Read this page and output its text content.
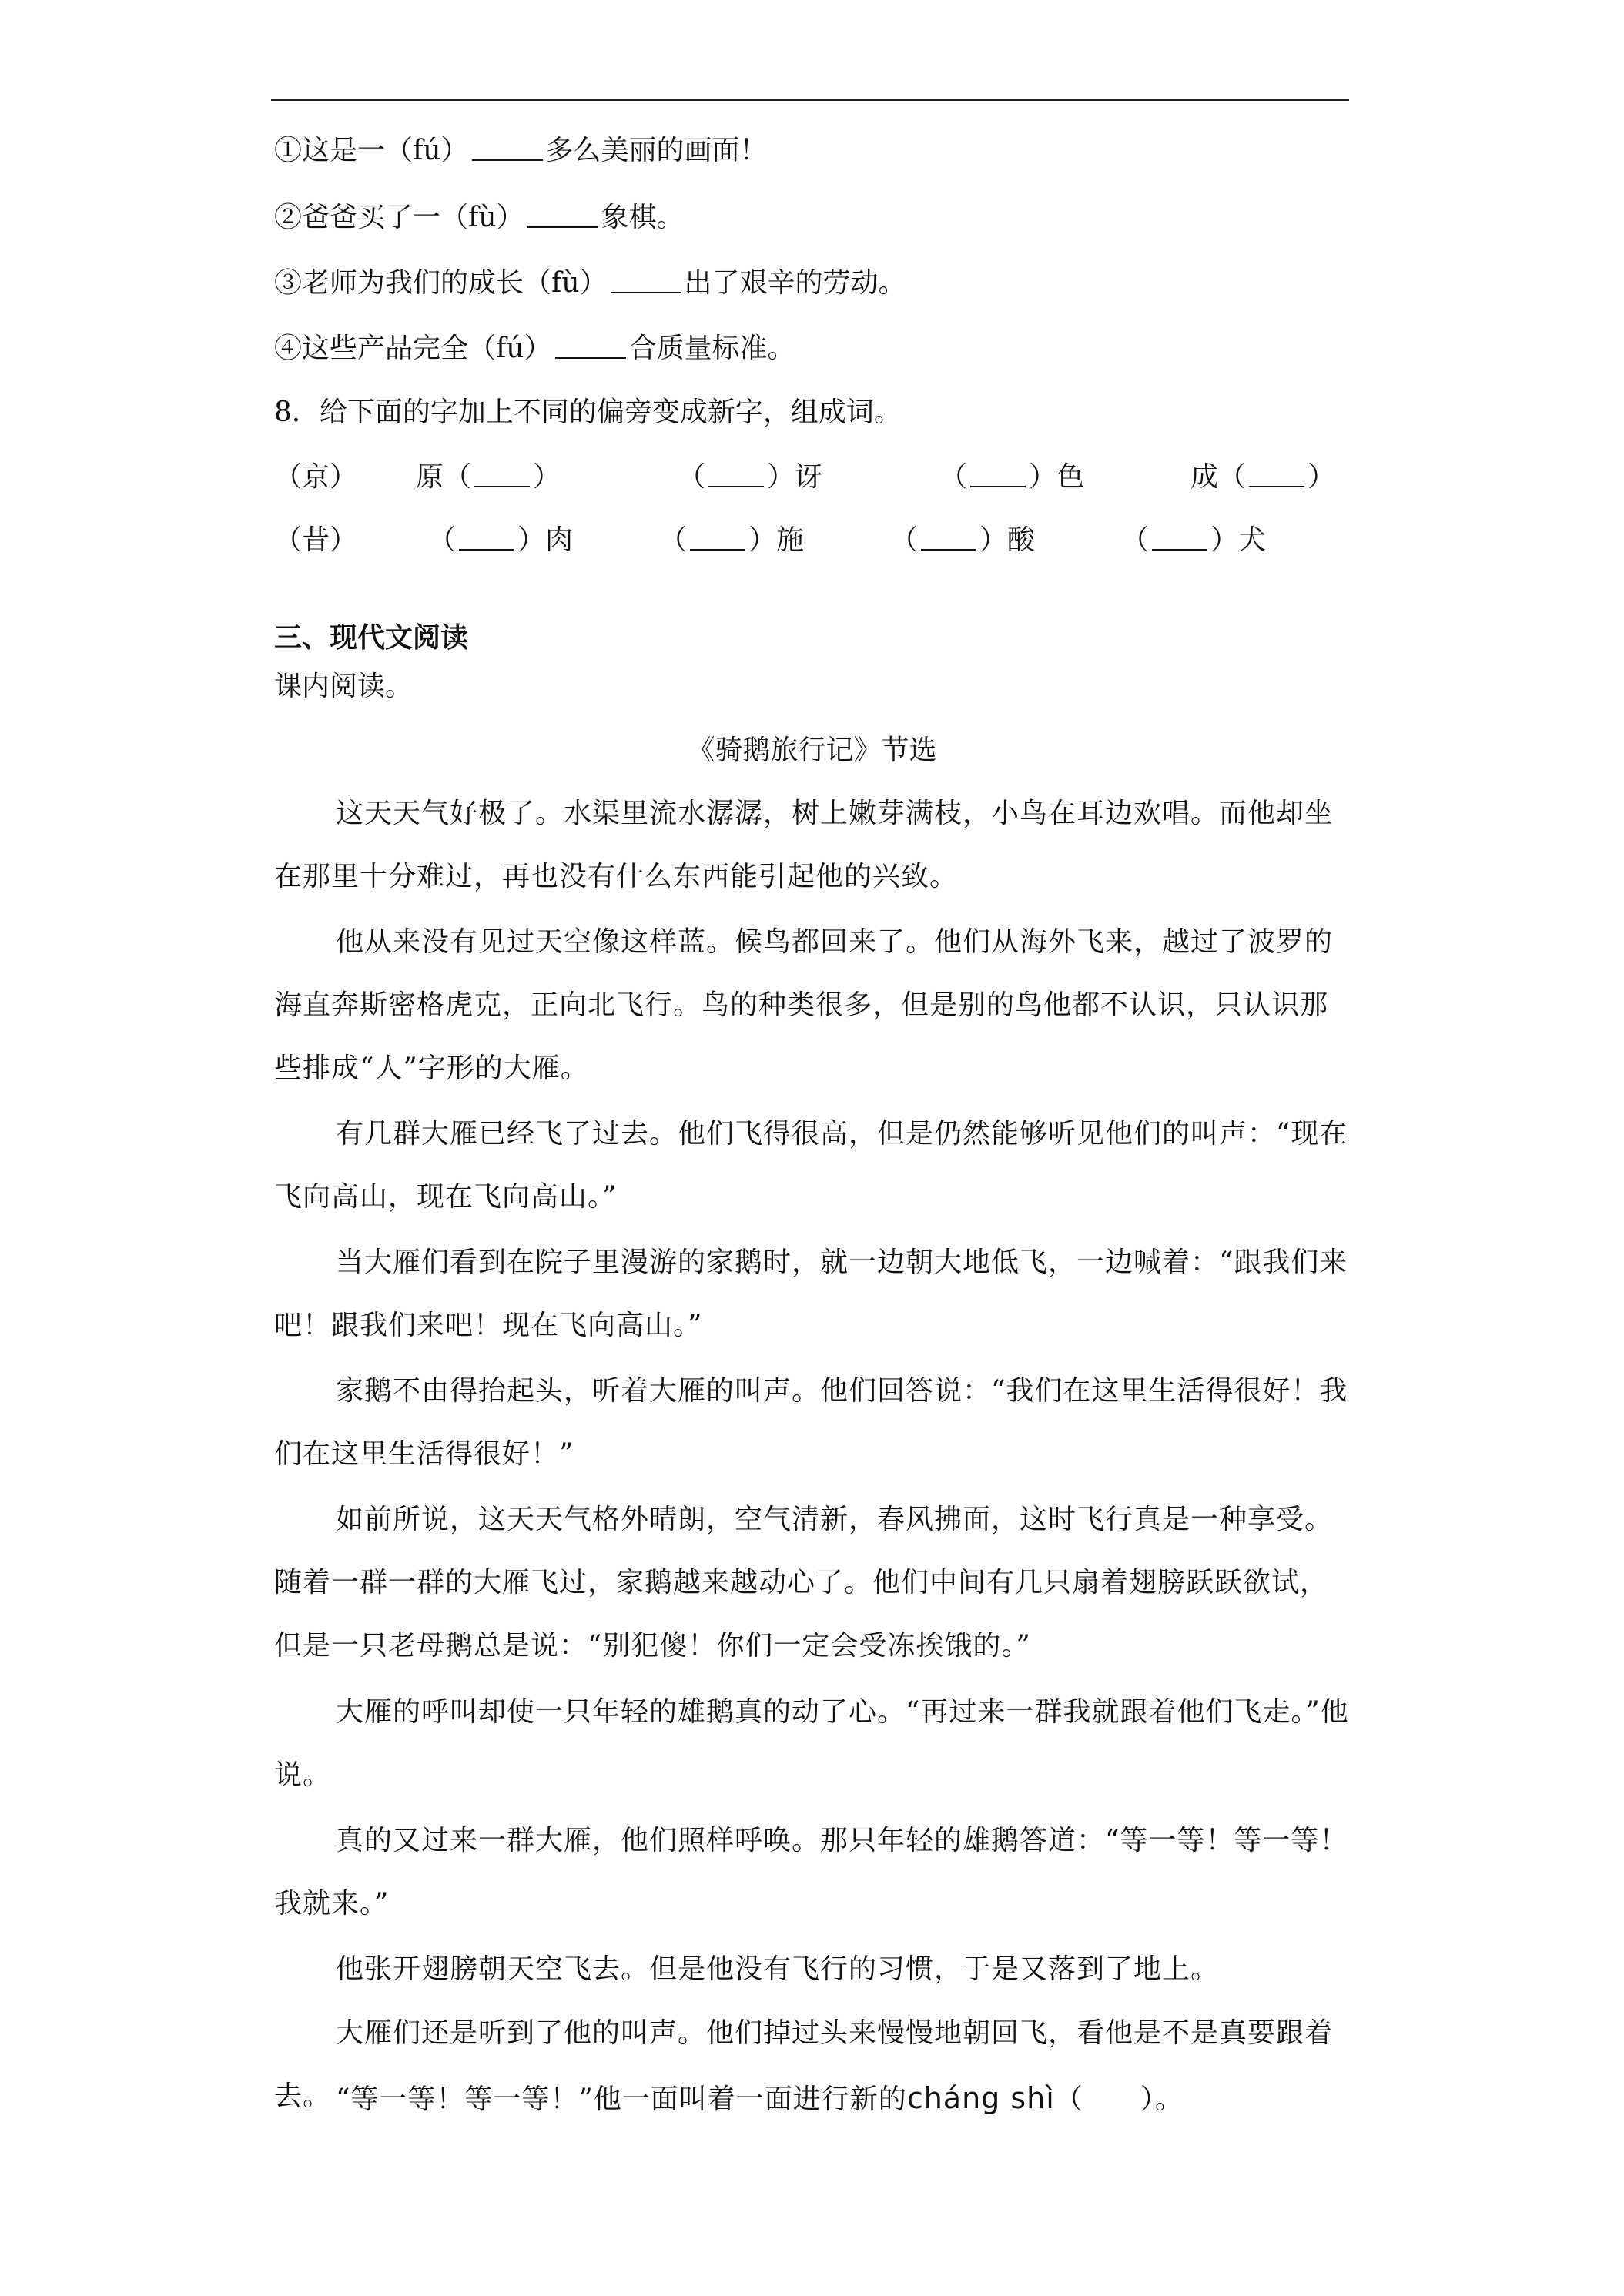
①这是一（fú）	多么美丽的画面！
②爸爸买了一（fù）	象棋。
③老师为我们的成长（fù）	出了艰辛的劳动。
④这些产品完全（fú）	合质量标准。
8．给下面的字加上不同的偏旁变成新字，组成词。
（京） 原（ ）	（ ）讶	（ ）色	成（ ）
（昔）	（ ）肉	（ ）施	（ ）酸	（ ）犬
三、现代文阅读
课内阅读。
《骑鹅旅行记》节选
这天天气好极了。水渠里流水潺潺，树上嫩芽满枝，小鸟在耳边欢唱。而他却坐在那里十分难过，再也没有什么东西能引起他的兴致。
他从来没有见过天空像这样蓝。候鸟都回来了。他们从海外飞来，越过了波罗的海直奔斯密格虎克，正向北飞行。鸟的种类很多，但是别的鸟他都不认识，只认识那些排成“人”字形的大雁。
有几群大雁已经飞了过去。他们飞得很高，但是仍然能够听见他们的叫声：“现在飞向高山，现在飞向高山。”
当大雁们看到在院子里漫游的家鹅时，就一边朝大地低飞，一边喊着：“跟我们来吧！跟我们来吧！现在飞向高山。”
家鹅不由得抬起头，听着大雁的叫声。他们回答说：“我们在这里生活得很好！我们在这里生活得很好！”
如前所说，这天天气格外晴朗，空气清新，春风拂面，这时飞行真是一种享受。随着一群一群的大雁飞过，家鹅越来越动心了。他们中间有几只扇着翅膀跃跃欲试，但是一只老母鹅总是说：“别犯傻！你们一定会受冻挨饿的。”
大雁的呼叫却使一只年轻的雄鹅真的动了心。“再过来一群我就跟着他们飞走。”他说。
真的又过来一群大雁，他们照样呼唤。那只年轻的雄鹅答道：“等一等！等一等！我就来。”
他张开翅膀朝天空飞去。但是他没有飞行的习惯，于是又落到了地上。
大雁们还是听到了他的叫声。他们掉过头来慢慢地朝回飞，看他是不是真要跟着去。 “等一等！等一等！”他一面叫着一面进行新的cháng shì（　　）。
